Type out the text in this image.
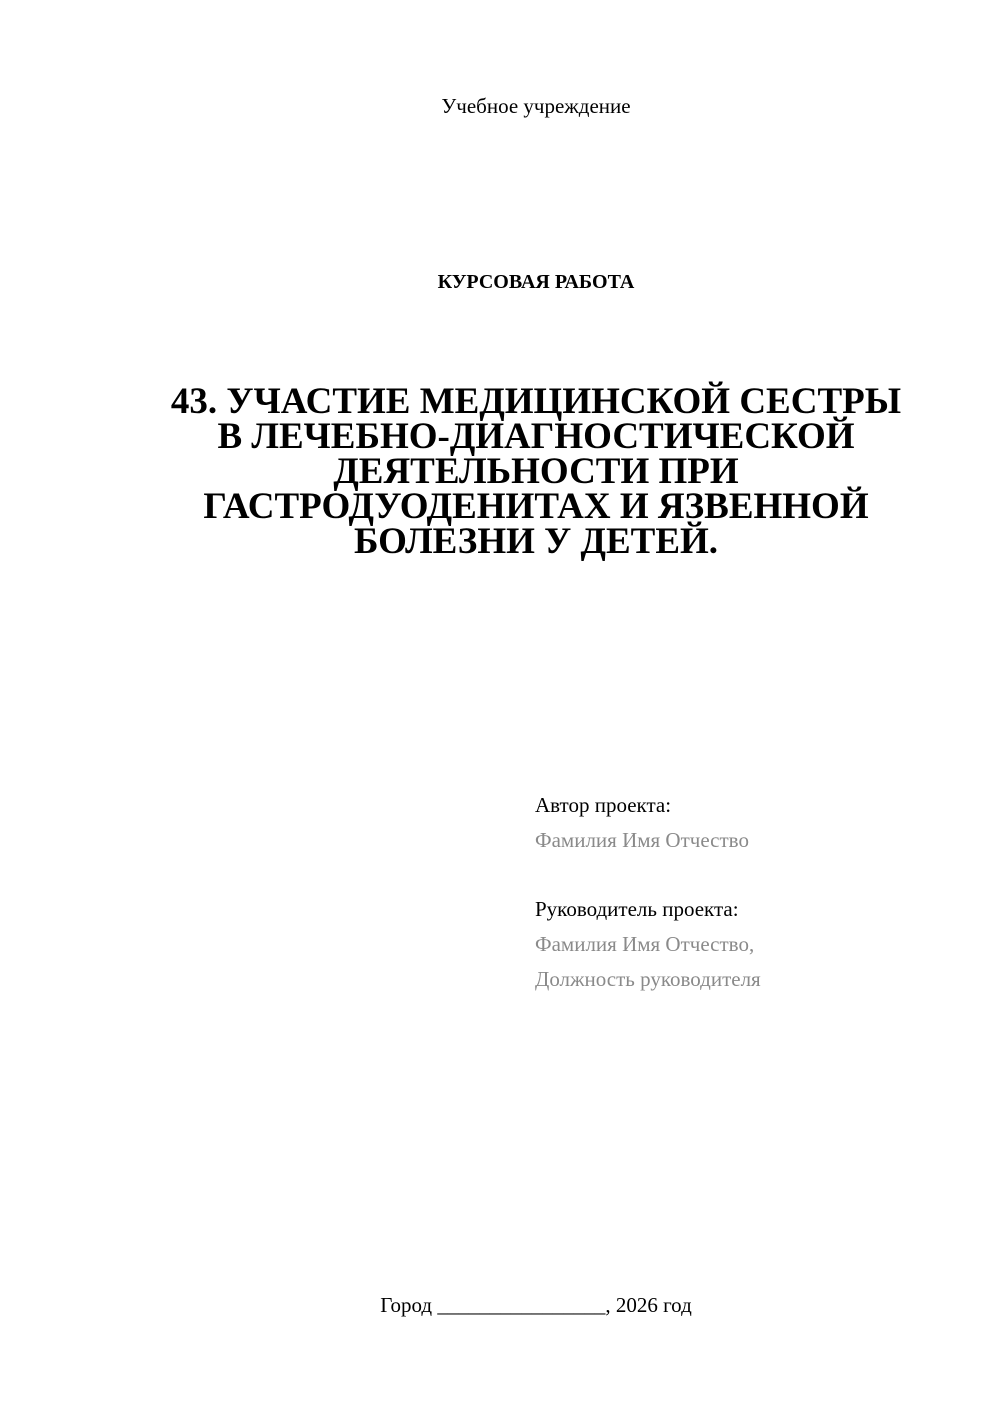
Учебное учреждение
КУРСОВАЯ РАБОТА
43. УЧАСТИЕ МЕДИЦИНСКОЙ СЕСТРЫ
В ЛЕЧЕБНО-ДИАГНОСТИЧЕСКОЙ
ДЕЯТЕЛЬНОСТИ ПРИ
ГАСТРОДУОДЕНИТАХ И ЯЗВЕННОЙ
БОЛЕЗНИ У ДЕТЕЙ.
Автор проекта:
Фамилия Имя Отчество
Руководитель проекта:
Фамилия Имя Отчество,
Должность руководителя
Город ________________, 2026 год
